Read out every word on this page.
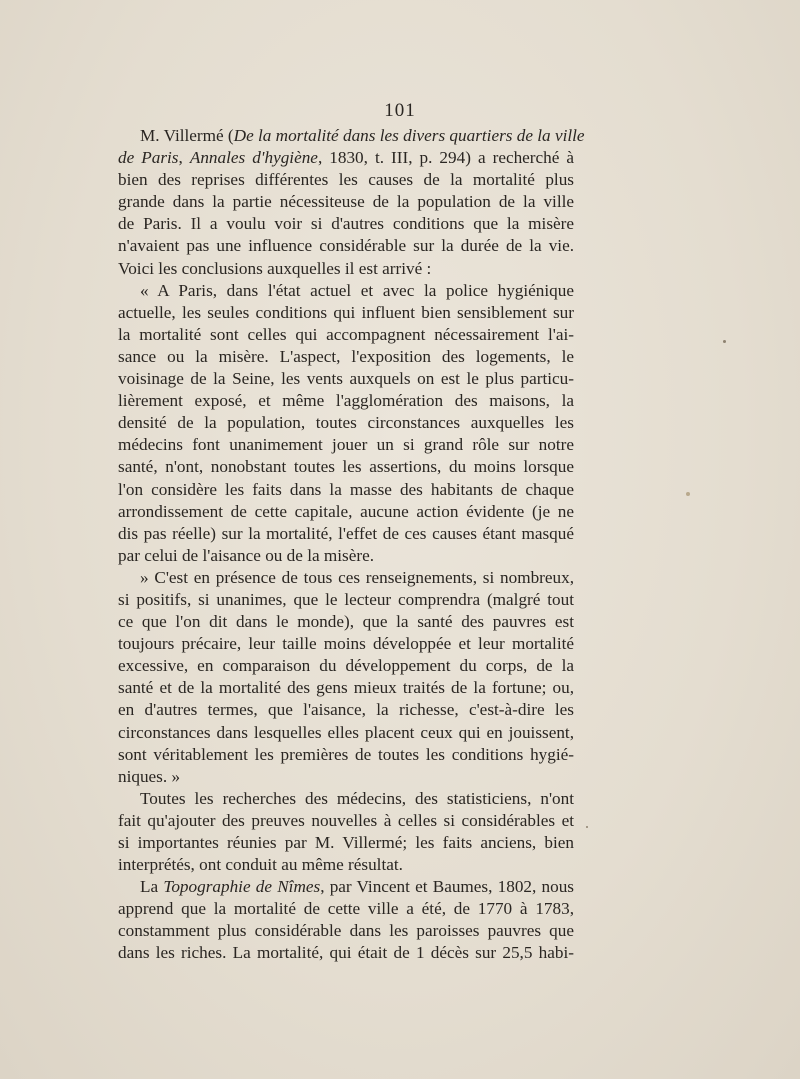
101
M. Villermé (De la mortalité dans les divers quartiers de la ville
de Paris, Annales d'hygiène, 1830, t. III, p. 294) a recherché à
bien des reprises différentes les causes de la mortalité plus
grande dans la partie nécessiteuse de la population de la ville
de Paris. Il a voulu voir si d'autres conditions que la misère
n'avaient pas une influence considérable sur la durée de la vie.
Voici les conclusions auxquelles il est arrivé :
« A Paris, dans l'état actuel et avec la police hygiénique
actuelle, les seules conditions qui influent bien sensiblement sur
la mortalité sont celles qui accompagnent nécessairement l'ai-
sance ou la misère. L'aspect, l'exposition des logements, le
voisinage de la Seine, les vents auxquels on est le plus particu-
lièrement exposé, et même l'agglomération des maisons, la
densité de la population, toutes circonstances auxquelles les
médecins font unanimement jouer un si grand rôle sur notre
santé, n'ont, nonobstant toutes les assertions, du moins lorsque
l'on considère les faits dans la masse des habitants de chaque
arrondissement de cette capitale, aucune action évidente (je ne
dis pas réelle) sur la mortalité, l'effet de ces causes étant masqué
par celui de l'aisance ou de la misère.
» C'est en présence de tous ces renseignements, si nombreux,
si positifs, si unanimes, que le lecteur comprendra (malgré tout
ce que l'on dit dans le monde), que la santé des pauvres est
toujours précaire, leur taille moins développée et leur mortalité
excessive, en comparaison du développement du corps, de la
santé et de la mortalité des gens mieux traités de la fortune; ou,
en d'autres termes, que l'aisance, la richesse, c'est-à-dire les
circonstances dans lesquelles elles placent ceux qui en jouissent,
sont véritablement les premières de toutes les conditions hygié-
niques. »
Toutes les recherches des médecins, des statisticiens, n'ont
fait qu'ajouter des preuves nouvelles à celles si considérables et
si importantes réunies par M. Villermé; les faits anciens, bien
interprétés, ont conduit au même résultat.
La Topographie de Nîmes, par Vincent et Baumes, 1802, nous
apprend que la mortalité de cette ville a été, de 1770 à 1783,
constamment plus considérable dans les paroisses pauvres que
dans les riches. La mortalité, qui était de 1 décès sur 25,5 habi-
